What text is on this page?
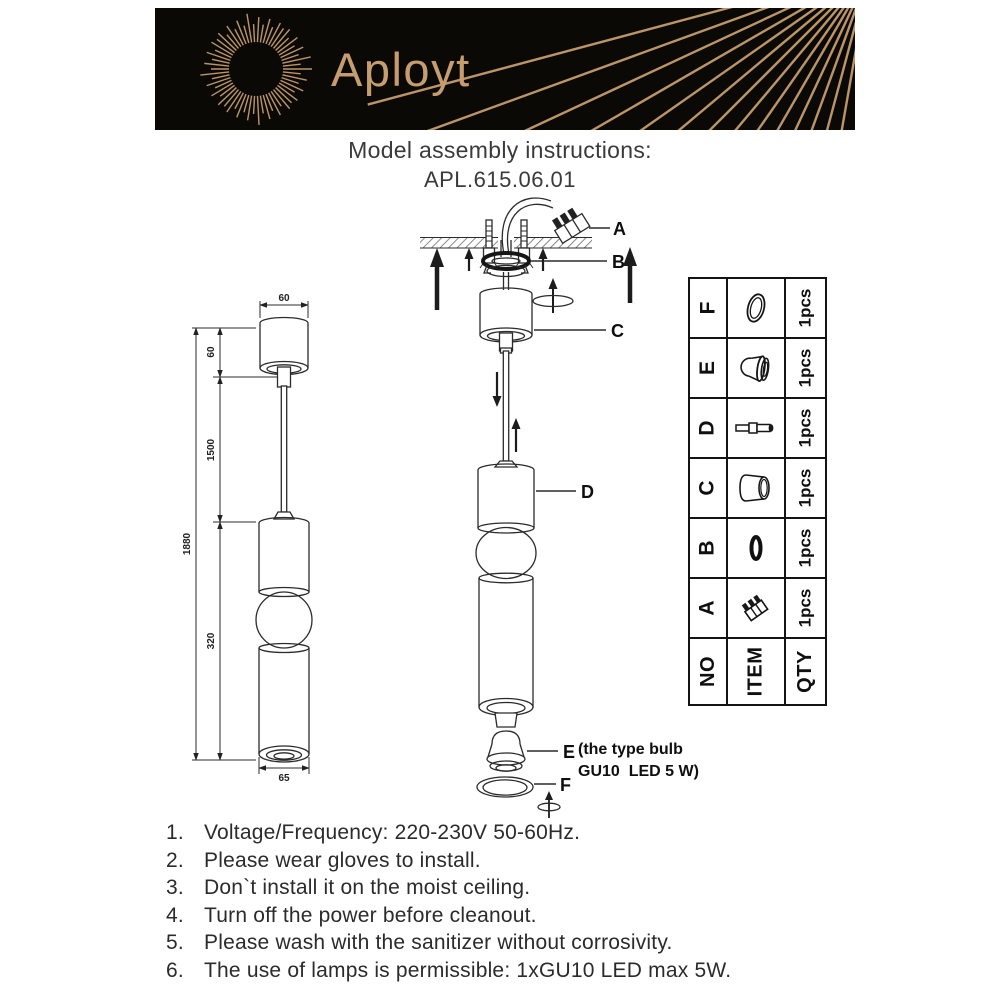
Aployt
Model assembly instructions:
APL.615.06.01
60
60
1500
320
1880
65
A
B
C
D
E (the type bulb
GU10  LED 5 W)
F
F	1pcs
E	1pcs
D	1pcs
C	1pcs
B	1pcs
A	1pcs
NO ITEM QTY
1. Voltage/Frequency: 220-230V 50-60Hz.
2. Please wear gloves to install.
3. Don`t install it on the moist ceiling.
4. Turn off the power before cleanout.
5. Please wash with the sanitizer without corrosivity.
6. The use of lamps is permissible: 1xGU10 LED max 5W.
